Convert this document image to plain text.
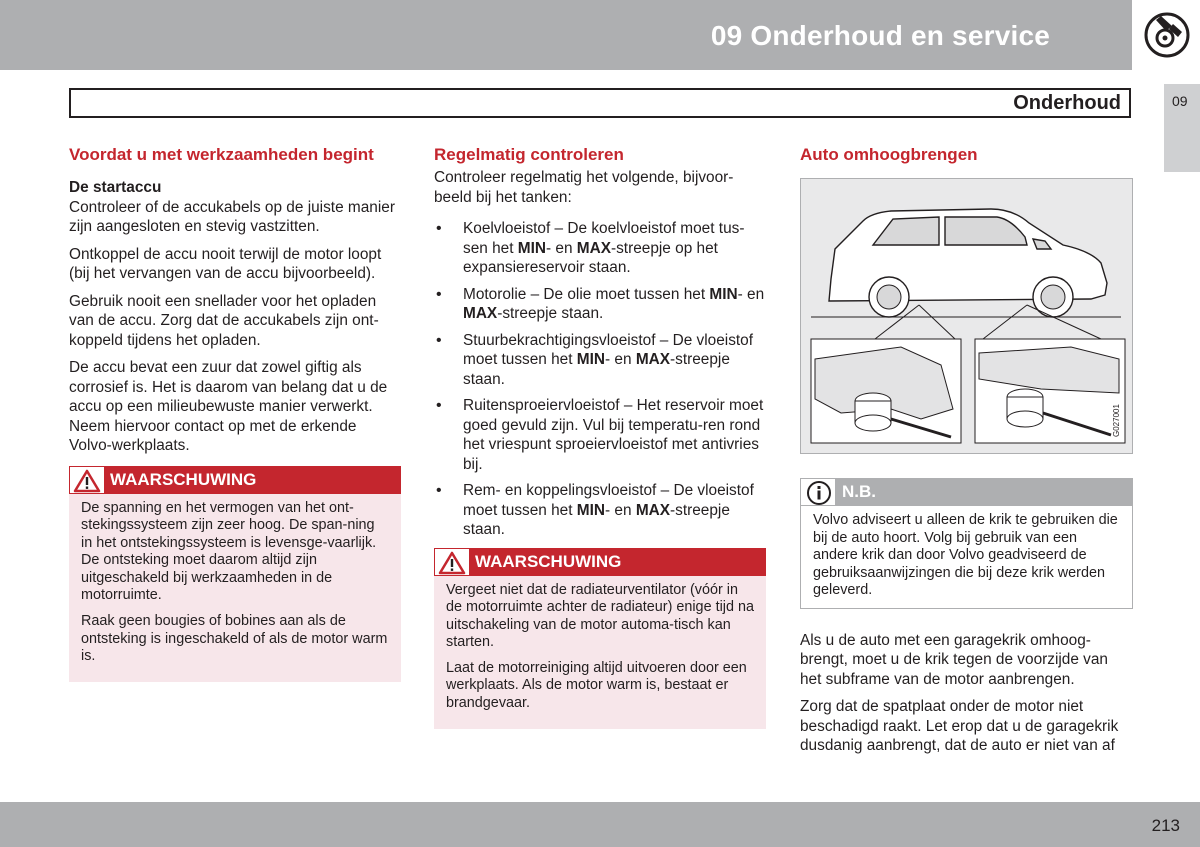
09 Onderhoud en service
Onderhoud	09
Voordat u met werkzaamheden begint
De startaccu

Controleer of de accukabels op de juiste manier zijn aangesloten en stevig vastzitten.

Ontkoppel de accu nooit terwijl de motor loopt (bij het vervangen van de accu bijvoorbeeld).

Gebruik nooit een snellader voor het opladen van de accu. Zorg dat de accukabels zijn ont-koppeld tijdens het opladen.

De accu bevat een zuur dat zowel giftig als corrosief is. Het is daarom van belang dat u de accu op een milieubewuste manier verwerkt. Neem hiervoor contact op met de erkende Volvo-werkplaats.

WAARSCHUWING

De spanning en het vermogen van het ont-stekingssysteem zijn zeer hoog. De span-ning in het ontstekingssysteem is levensge-vaarlijk. De ontsteking moet daarom altijd zijn uitgeschakeld bij werkzaamheden in de motorruimte.

Raak geen bougies of bobines aan als de ontsteking is ingeschakeld of als de motor warm is.

Regelmatig controleren

Controleer regelmatig het volgende, bijvoor-beeld bij het tanken:

• Koelvloeistof – De koelvloeistof moet tus-sen het MIN- en MAX-streepje op het expansiereservoir staan.
• Motorolie – De olie moet tussen het MIN- en MAX-streepje staan.
• Stuurbekrachtigingsvloeistof – De vloeistof moet tussen het MIN- en MAX-streepje staan.
• Ruitensproeiervloeistof – Het reservoir moet goed gevuld zijn. Vul bij temperatu-ren rond het vriespunt sproeiervloeistof met antivries bij.
• Rem- en koppelingsvloeistof – De vloeistof moet tussen het MIN- en MAX-streepje staan.
WAARSCHUWING

Vergeet niet dat de radiateurventilator (vóór in de motorruimte achter de radiateur) enige tijd na uitschakeling van de motor automa-tisch kan starten.

Laat de motorreiniging altijd uitvoeren door een werkplaats. Als de motor warm is, bestaat er brandgevaar.

Auto omhoogbrengen
G027001
N.B.

Volvo adviseert u alleen de krik te gebruiken die bij de auto hoort. Volg bij gebruik van een andere krik dan door Volvo geadviseerd de gebruiksaanwijzingen die bij deze krik werden geleverd.

Als u de auto met een garagekrik omhoog-brengt, moet u de krik tegen de voorzijde van het subframe van de motor aanbrengen.

Zorg dat de spatplaat onder de motor niet beschadigd raakt. Let erop dat u de garagekrik dusdanig aanbrengt, dat de auto er niet van af

213
